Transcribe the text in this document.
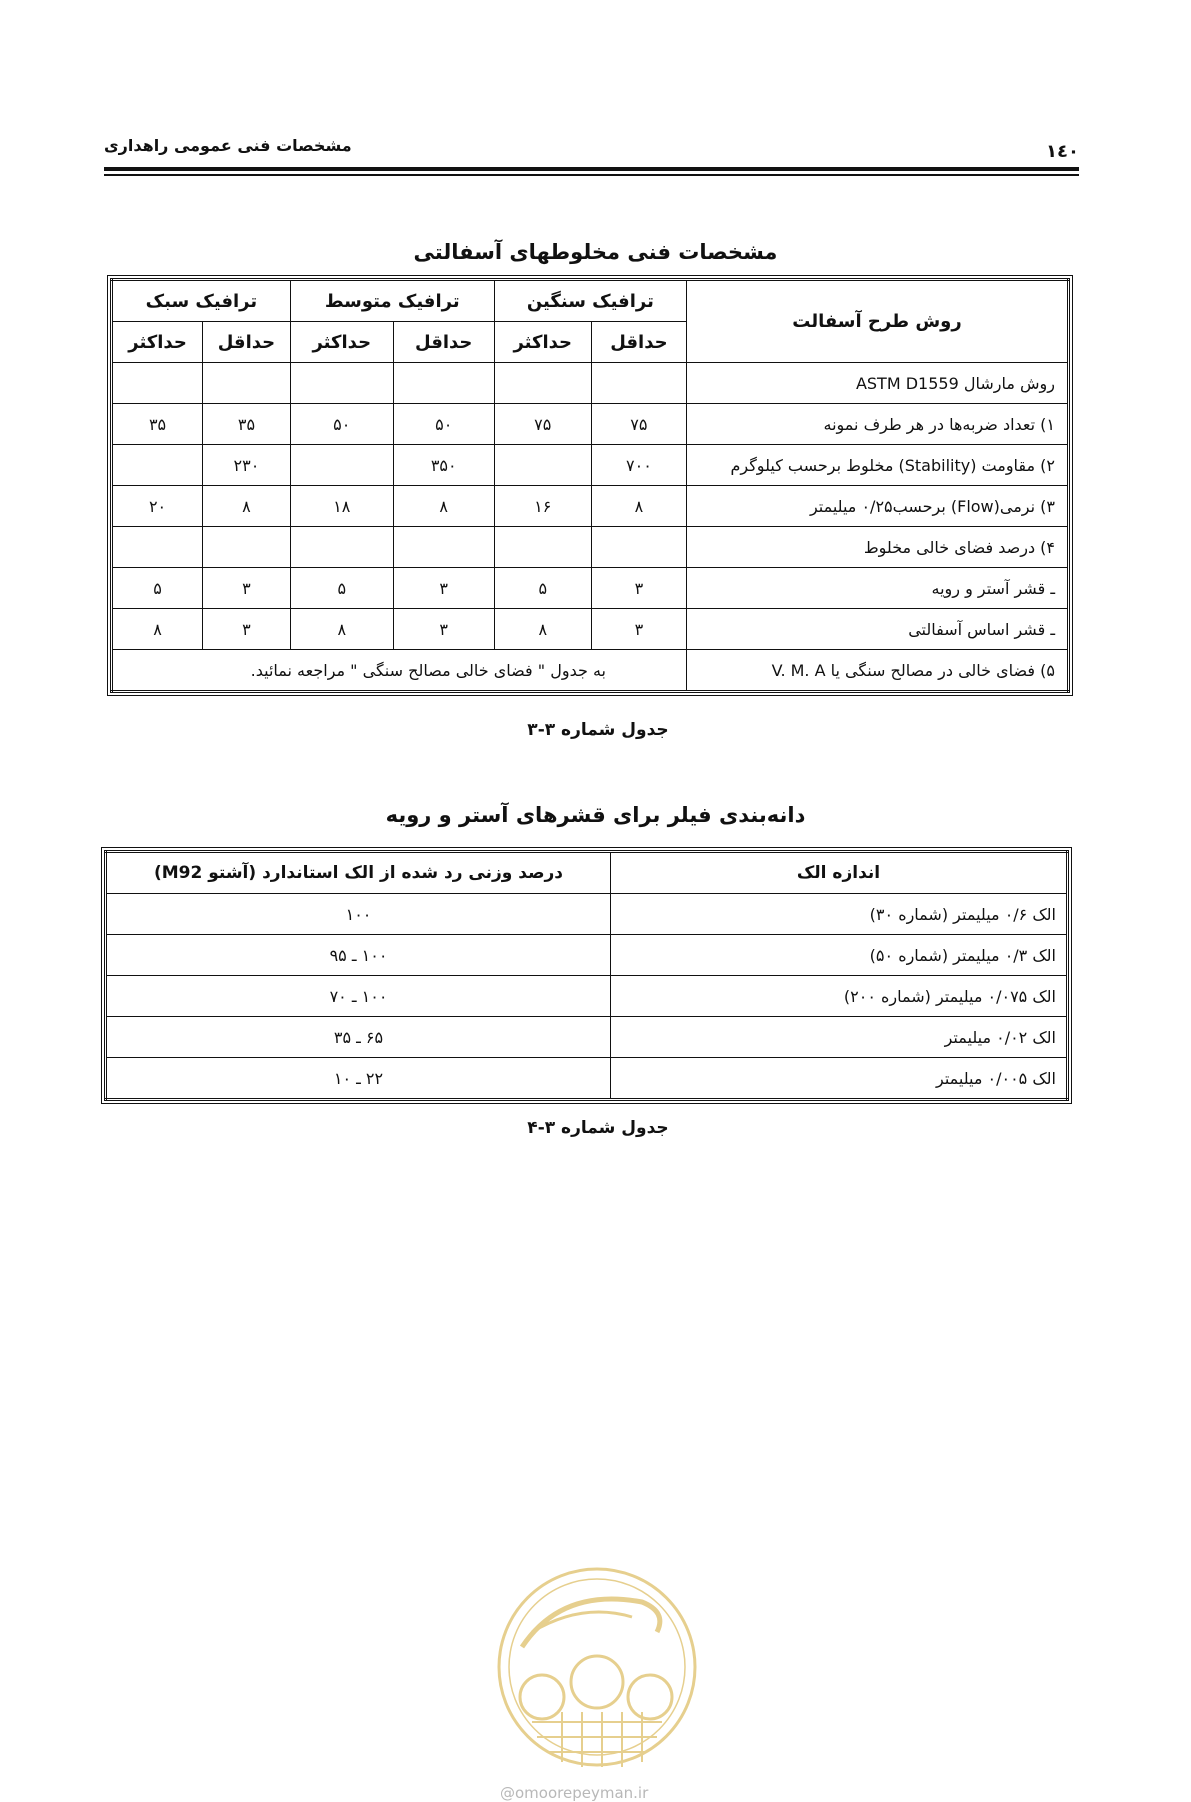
مشخصات فنی عمومی راهداری	۱٤۰
مشخصات فنی مخلوطهای آسفالتی
روش طرح آسفالت	ترافیک سنگین		ترافیک متوسط		ترافیک سبک	
	حداقل	حداکثر	حداقل	حداکثر	حداقل	حداکثر
روش مارشال ASTM D1559						
۱) تعداد ضربه‌ها در هر طرف نمونه	۷۵	۷۵	۵۰	۵۰	۳۵	۳۵
۲) مقاومت (Stability) مخلوط برحسب کیلوگرم	۷۰۰		۳۵۰		۲۳۰	
۳) نرمی(Flow) برحسب۰/۲۵ میلیمتر	۸	۱۶	۸	۱۸	۸	۲۰
۴) درصد فضای خالی مخلوط						
ـ قشر آستر و رویه	۳	۵	۳	۵	۳	۵
ـ قشر اساس آسفالتی	۳	۸	۳	۸	۳	۸
۵) فضای خالی در مصالح سنگی یا V. M. A	به جدول " فضای خالی مصالح سنگی " مراجعه نمائید.					
جدول شماره ۳-۳
دانه‌بندی فیلر برای قشرهای آستر و رویه
اندازه الک	درصد وزنی رد شده از الک استاندارد (آشتو M92)
الک ۰/۶ میلیمتر (شماره ۳۰)	۱۰۰
الک ۰/۳ میلیمتر (شماره ۵۰)	۱۰۰ ـ ۹۵
الک ۰/۰۷۵ میلیمتر (شماره ۲۰۰)	۱۰۰ ـ ۷۰
الک ۰/۰۲ میلیمتر	۶۵ ـ ۳۵
الک ۰/۰۰۵ میلیمتر	۲۲ ـ ۱۰
جدول شماره ۳-۴
@omoorepeyman.ir
